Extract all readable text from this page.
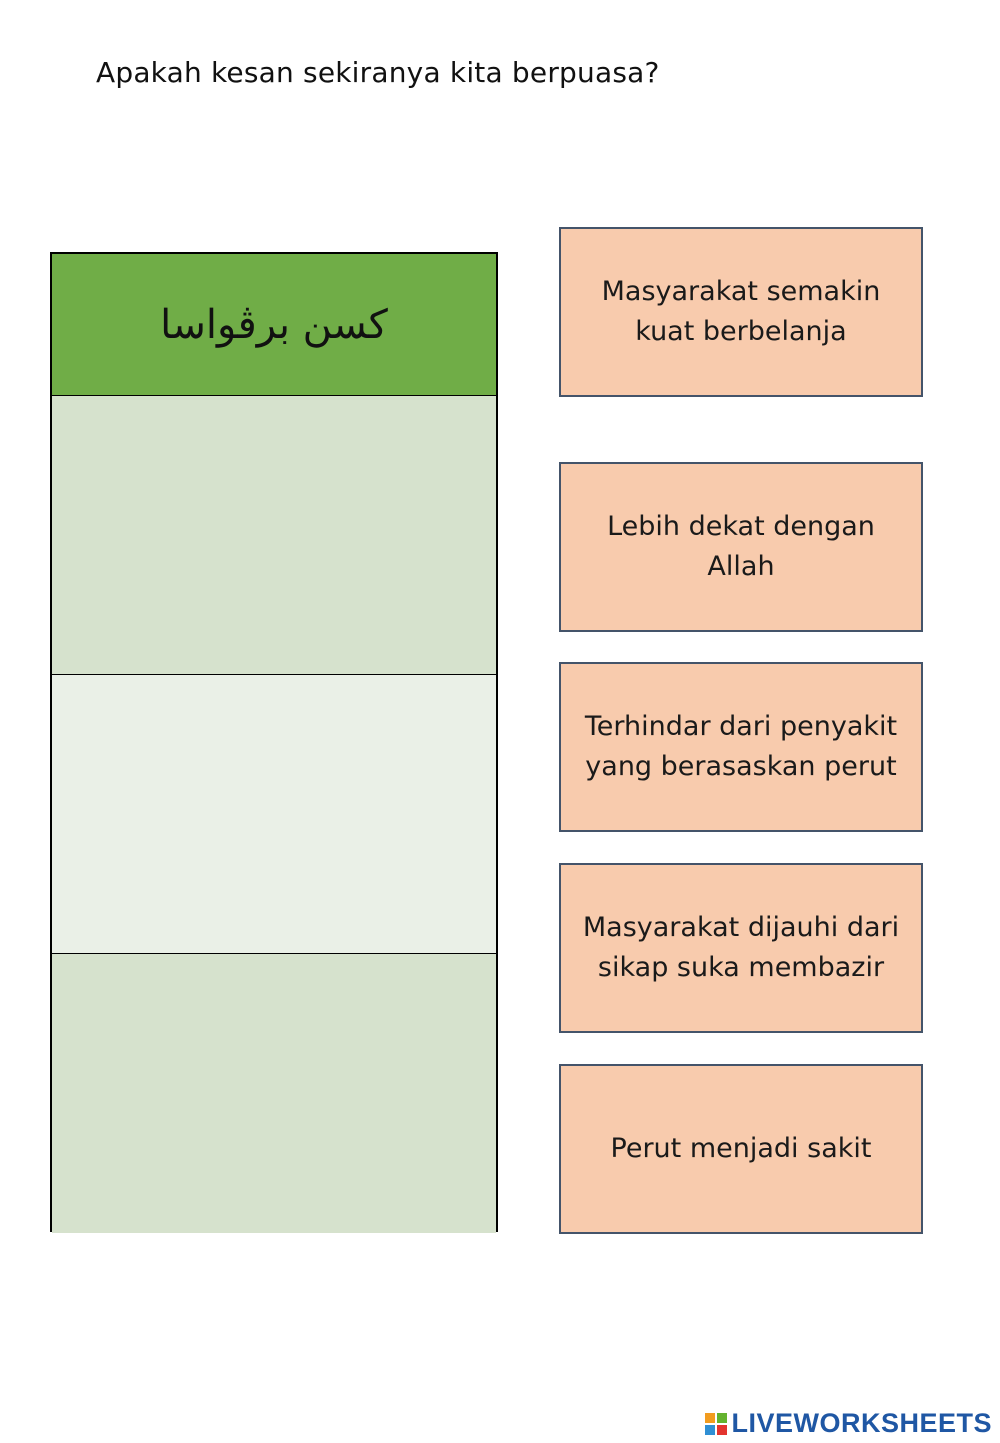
Apakah kesan sekiranya kita berpuasa?
كسن برڤواسا
Masyarakat semakin kuat berbelanja
Lebih dekat dengan Allah
Terhindar dari penyakit yang berasaskan perut
Masyarakat dijauhi dari sikap suka membazir
Perut menjadi sakit
LIVEWORKSHEETS
